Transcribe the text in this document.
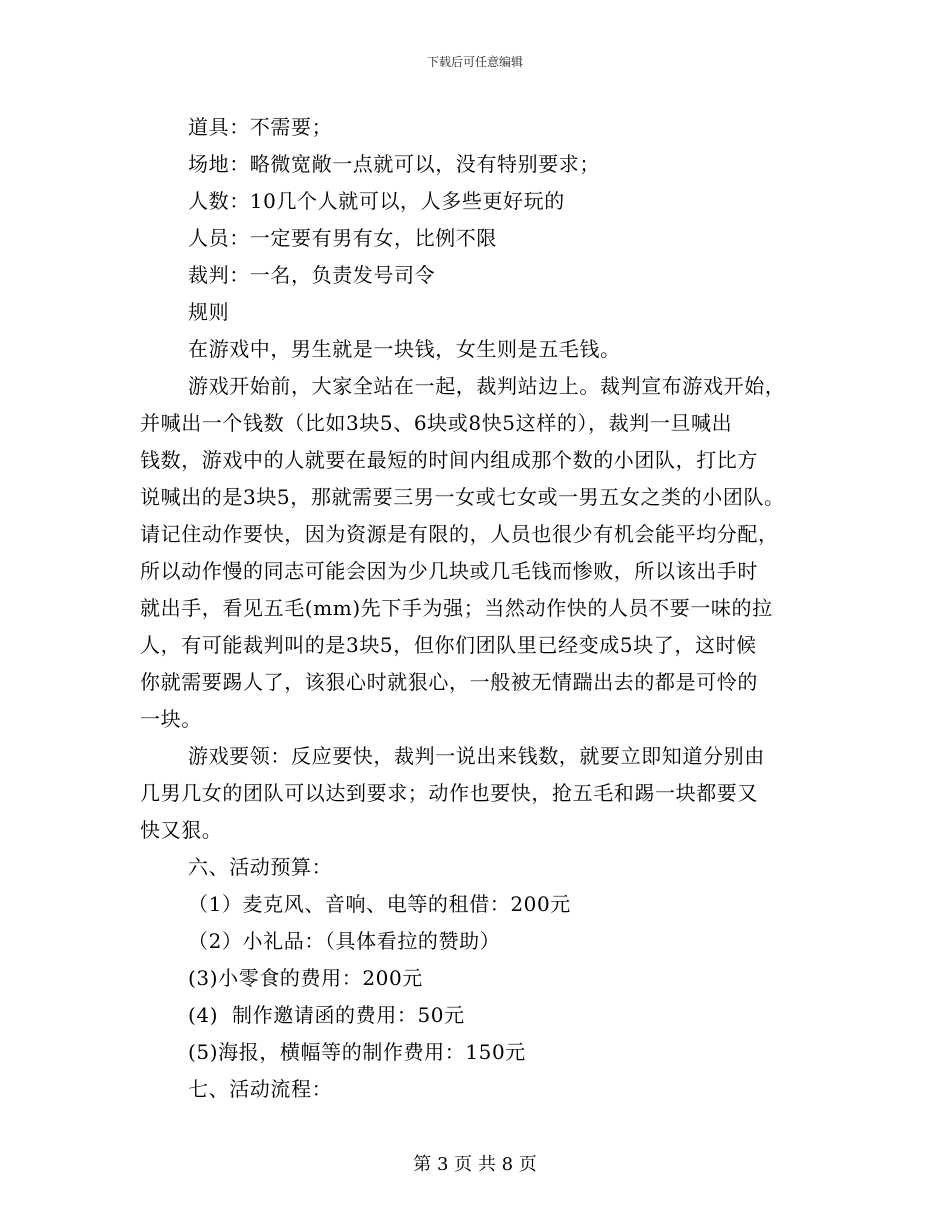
下载后可任意编辑
道具：不需要；
场地：略微宽敞一点就可以，没有特别要求；
人数：10几个人就可以，人多些更好玩的
人员：一定要有男有女，比例不限
裁判：一名，负责发号司令
规则
在游戏中，男生就是一块钱，女生则是五毛钱。
游戏开始前，大家全站在一起，裁判站边上。裁判宣布游戏开始，
并喊出一个钱数（比如3块5、6块或8快5这样的），裁判一旦喊出
钱数，游戏中的人就要在最短的时间内组成那个数的小团队，打比方
说喊出的是3块5，那就需要三男一女或七女或一男五女之类的小团队。
请记住动作要快，因为资源是有限的，人员也很少有机会能平均分配，
所以动作慢的同志可能会因为少几块或几毛钱而惨败，所以该出手时
就出手，看见五毛(mm)先下手为强；当然动作快的人员不要一味的拉
人，有可能裁判叫的是3块5，但你们团队里已经变成5块了，这时候
你就需要踢人了，该狠心时就狠心，一般被无情踹出去的都是可怜的
一块。
游戏要领：反应要快，裁判一说出来钱数，就要立即知道分别由
几男几女的团队可以达到要求；动作也要快，抢五毛和踢一块都要又
快又狠。
六、活动预算：
（1）麦克风、音响、电等的租借：200元
（2）小礼品：（具体看拉的赞助）
(3)小零食的费用：200元
(4)  制作邀请函的费用：50元
(5)海报，横幅等的制作费用：150元
七、活动流程：
第 3 页 共 8 页
